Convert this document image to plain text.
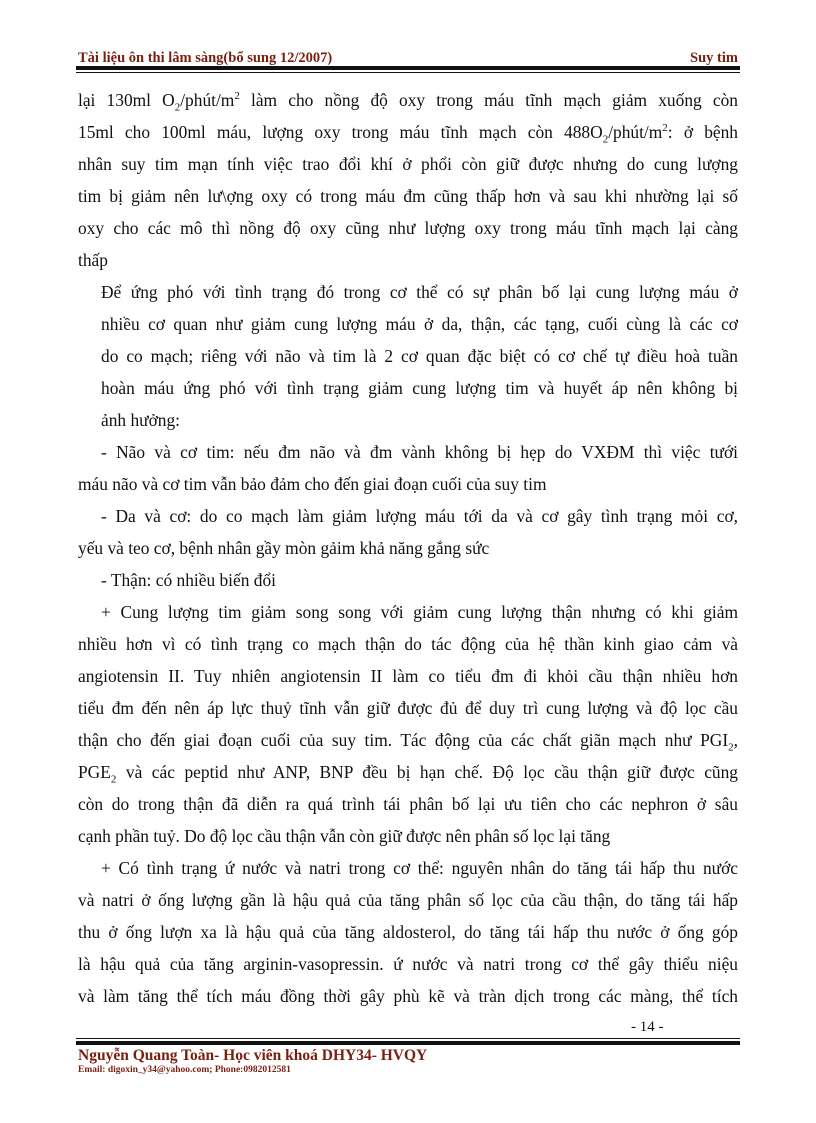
Tài liệu ôn thi lâm sàng(bổ sung 12/2007)	Suy tim

lại 130ml $O_2/phút/m^2$ làm cho nồng độ oxy trong máu tĩnh mạch giảm xuống còn
15ml cho 100ml máu, lượng oxy trong máu tĩnh mạch còn $488O_2/phút/m^2$: ở bệnh
nhân suy tim mạn tính việc trao đổi khí ở phổi còn giữ được nhưng do cung lượng
tim bị giảm nên lư\ợng oxy có trong máu đm cũng thấp hơn và sau khi nhường lại số
oxy cho các mô thì nồng độ oxy cũng như lượng oxy trong máu tĩnh mạch lại càng
thấp

Để ứng phó với tình trạng đó trong cơ thể có sự phân bố lại cung lượng máu ở
nhiều cơ quan như giảm cung lượng máu ở da, thận, các tạng, cuối cùng là các cơ
do co mạch; riêng với não và tim là 2 cơ quan đặc biệt có cơ chế tự điều hoà tuần
hoàn máu ứng phó với tình trạng giảm cung lượng tim và huyết áp nên không bị
ảnh hưởng:

- Não và cơ tim: nếu đm não và đm vành không bị hẹp do VXĐM thì việc tưới
máu não và cơ tim vẫn bảo đảm cho đến giai đoạn cuối của suy tim

- Da và cơ: do co mạch làm giảm lượng máu tới da và cơ gây tình trạng mỏi cơ,
yếu và teo cơ, bệnh nhân gầy mòn gảim khả năng gắng sức

- Thận: có nhiều biến đổi

+ Cung lượng tim giảm song song với giảm cung lượng thận nhưng có khi giảm
nhiều hơn vì có tình trạng co mạch thận do tác động của hệ thần kinh giao cảm và
angiotensin II. Tuy nhiên angiotensin II làm co tiểu đm đi khỏi cầu thận nhiều hơn
tiểu đm đến nên áp lực thuỷ tĩnh vẫn giữ được đủ để duy trì cung lượng và độ lọc cầu
thận cho đến giai đoạn cuối của suy tim. Tác động của các chất giãn mạch như $PGI_2$,
$PGE_2$ và các peptid như ANP, BNP đều bị hạn chế. Độ lọc cầu thận giữ được cũng
còn do trong thận đã diễn ra quá trình tái phân bố lại ưu tiên cho các nephron ở sâu
cạnh phần tuỷ. Do độ lọc cầu thận vẫn còn giữ được nên phân số lọc lại tăng

+ Có tình trạng ứ nước và natri trong cơ thể: nguyên nhân do tăng tái hấp thu nước
và natri ở ống lượng gần là hậu quả của tăng phân số lọc của cầu thận, do tăng tái hấp
thu ở ống lượn xa là hậu quả của tăng aldosterol, do tăng tái hấp thu nước ở ống góp
là hậu quả của tăng arginin-vasopressin. ứ nước và natri trong cơ thể gây thiểu niệu
và làm tăng thể tích máu đồng thời gây phù kẽ và tràn dịch trong các màng, thể tích

- 14 -
Nguyễn Quang Toàn- Học viên khoá DHY34- HVQY
Email: digoxin_y34@yahoo.com; Phone:0982012581
